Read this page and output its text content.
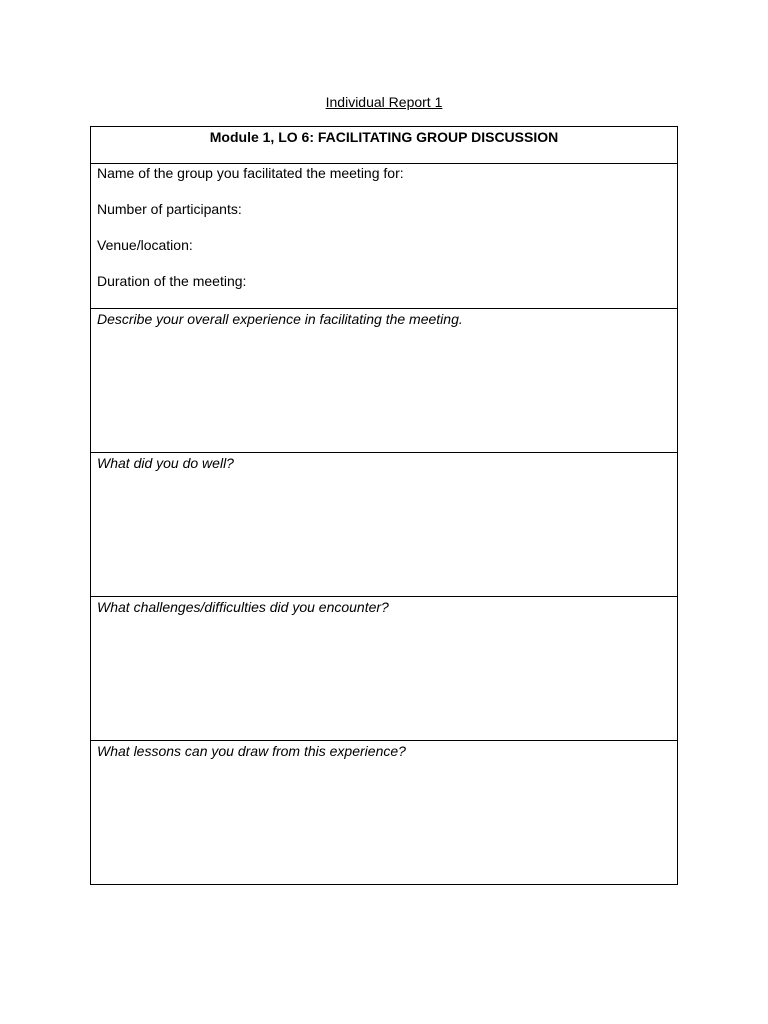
Individual Report 1
Module 1, LO 6: FACILITATING GROUP DISCUSSION

Name of the group you facilitated the meeting for:
Number of participants:
Venue/location:
Duration of the meeting:

Describe your overall experience in facilitating the meeting.
What did you do well?
What challenges/difficulties did you encounter?
What lessons can you draw from this experience?
